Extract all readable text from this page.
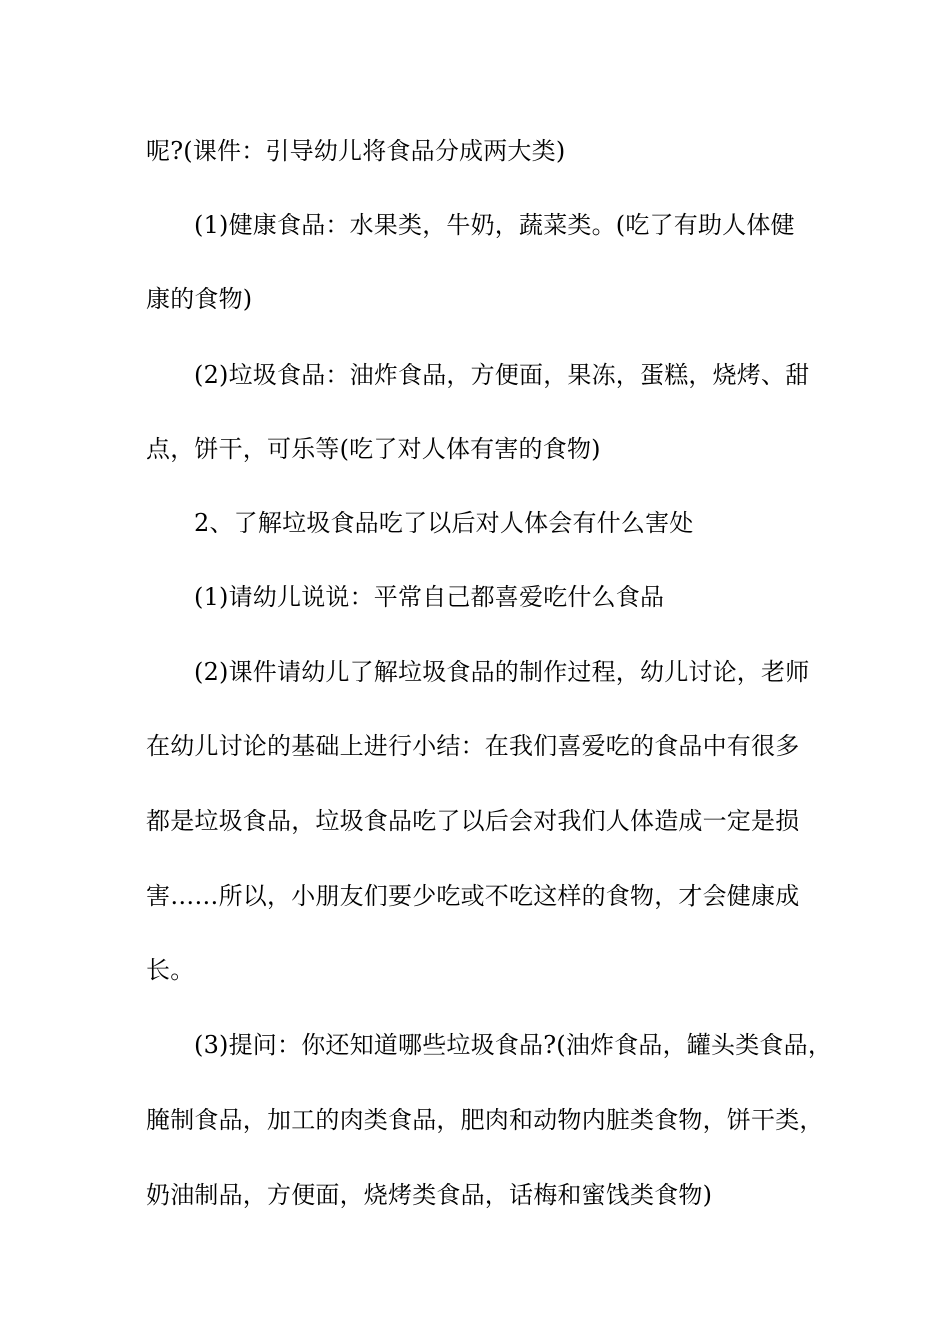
呢?(课件：引导幼儿将食品分成两大类)
(1)健康食品：水果类，牛奶，蔬菜类。(吃了有助人体健
康的食物)
(2)垃圾食品：油炸食品，方便面，果冻，蛋糕，烧烤、甜
点，饼干，可乐等(吃了对人体有害的食物)
2、了解垃圾食品吃了以后对人体会有什么害处
(1)请幼儿说说：平常自己都喜爱吃什么食品
(2)课件请幼儿了解垃圾食品的制作过程，幼儿讨论，老师
在幼儿讨论的基础上进行小结：在我们喜爱吃的食品中有很多
都是垃圾食品，垃圾食品吃了以后会对我们人体造成一定是损
害……所以，小朋友们要少吃或不吃这样的食物，才会健康成
长。
(3)提问：你还知道哪些垃圾食品?(油炸食品，罐头类食品，
腌制食品，加工的肉类食品，肥肉和动物内脏类食物，饼干类，
奶油制品，方便面，烧烤类食品，话梅和蜜饯类食物)
